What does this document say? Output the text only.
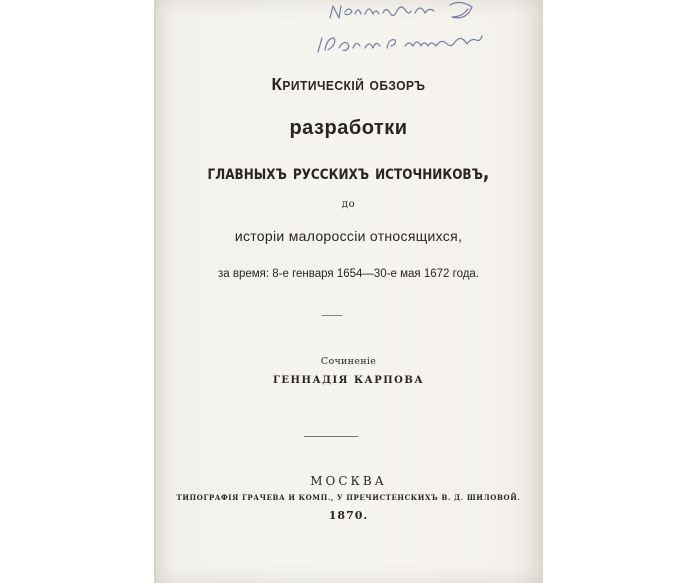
Критическій обзоръ
разработки
главныхъ русскихъ источниковъ,
до
исторіи малороссіи относящихся,
за время: 8-е генваря 1654—30-е мая 1672 года.
Сочиненіе
ГЕННАДІЯ КАРПОВА
МОСКВА
ТИПОГРАФІЯ ГРАЧЕВА И КОМП., У ПРЕЧИСТЕНСКИХЪ В. Д. ШИЛОВОЙ.
1870.
